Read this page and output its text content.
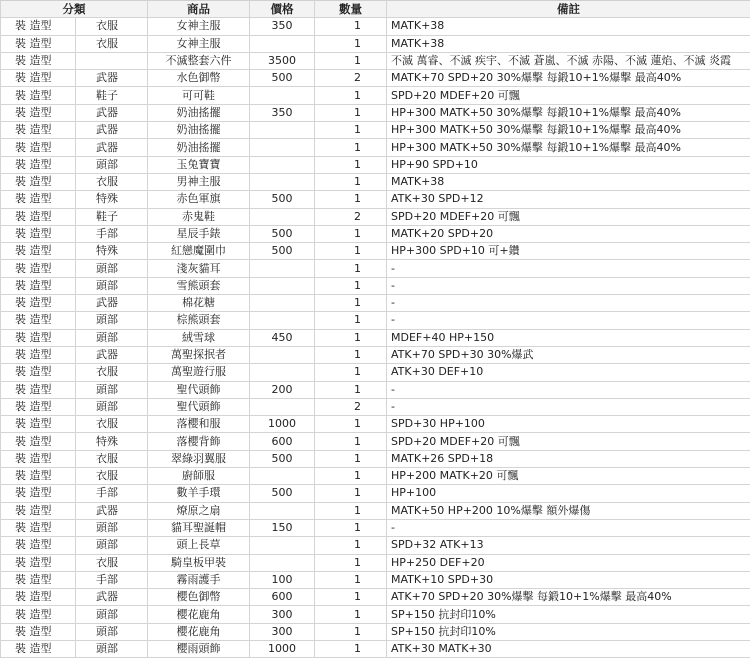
分類		商品	價格	數量	備註
裝 造型	衣服	女神主服	350	1	MATK+38
裝 造型	衣服	女神主服		1	MATK+38
裝 造型		不滅整套六件	3500	1	不滅 萬睿、不滅 疾宇、不滅 蒼嵐、不滅 赤陽、不滅 蓮焰、不滅 炎霞
裝 造型	武器	水色御幣	500	2	MATK+70 SPD+20 30%爆擊 每鍛10+1%爆擊 最高40%
裝 造型	鞋子	可可鞋		1	SPD+20 MDEF+20 可飄
裝 造型	武器	奶油搖擺	350	1	HP+300 MATK+50 30%爆擊 每鍛10+1%爆擊 最高40%
裝 造型	武器	奶油搖擺		1	HP+300 MATK+50 30%爆擊 每鍛10+1%爆擊 最高40%
裝 造型	武器	奶油搖擺		1	HP+300 MATK+50 30%爆擊 每鍛10+1%爆擊 最高40%
裝 造型	頭部	玉兔寶寶		1	HP+90 SPD+10
裝 造型	衣服	男神主服		1	MATK+38
裝 造型	特殊	赤色軍旗	500	1	ATK+30 SPD+12
裝 造型	鞋子	赤鬼鞋		2	SPD+20 MDEF+20 可飄
裝 造型	手部	星辰手錶	500	1	MATK+20 SPD+20
裝 造型	特殊	紅戀魔圍巾	500	1	HP+300 SPD+10 可+鑽
裝 造型	頭部	淺灰貓耳		1	-
裝 造型	頭部	雪熊頭套		1	-
裝 造型	武器	棉花糖		1	-
裝 造型	頭部	棕熊頭套		1	-
裝 造型	頭部	絨雪球	450	1	MDEF+40 HP+150
裝 造型	武器	萬聖探抿者		1	ATK+70 SPD+30 30%爆武
裝 造型	衣服	萬聖遊行服		1	ATK+30 DEF+10
裝 造型	頭部	聖代頭飾	200	1	-
裝 造型	頭部	聖代頭飾		2	-
裝 造型	衣服	落櫻和服	1000	1	SPD+30 HP+100
裝 造型	特殊	落櫻背飾	600	1	SPD+20 MDEF+20 可飄
裝 造型	衣服	翠綠羽翼服	500	1	MATK+26 SPD+18
裝 造型	衣服	廚師服		1	HP+200 MATK+20 可飄
裝 造型	手部	數羊手環	500	1	HP+100
裝 造型	武器	燎原之扇		1	MATK+50 HP+200 10%爆擊 額外爆傷
裝 造型	頭部	貓耳聖誕帽	150	1	-
裝 造型	頭部	頭上長草		1	SPD+32 ATK+13
裝 造型	衣服	騎皇板甲裝		1	HP+250 DEF+20
裝 造型	手部	霧雨護手	100	1	MATK+10 SPD+30
裝 造型	武器	櫻色御幣	600	1	ATK+70 SPD+20 30%爆擊 每鍛10+1%爆擊 最高40%
裝 造型	頭部	櫻花鹿角	300	1	SP+150 抗封印10%
裝 造型	頭部	櫻花鹿角	300	1	SP+150 抗封印10%
裝 造型	頭部	櫻雨頭飾	1000	1	ATK+30 MATK+30
